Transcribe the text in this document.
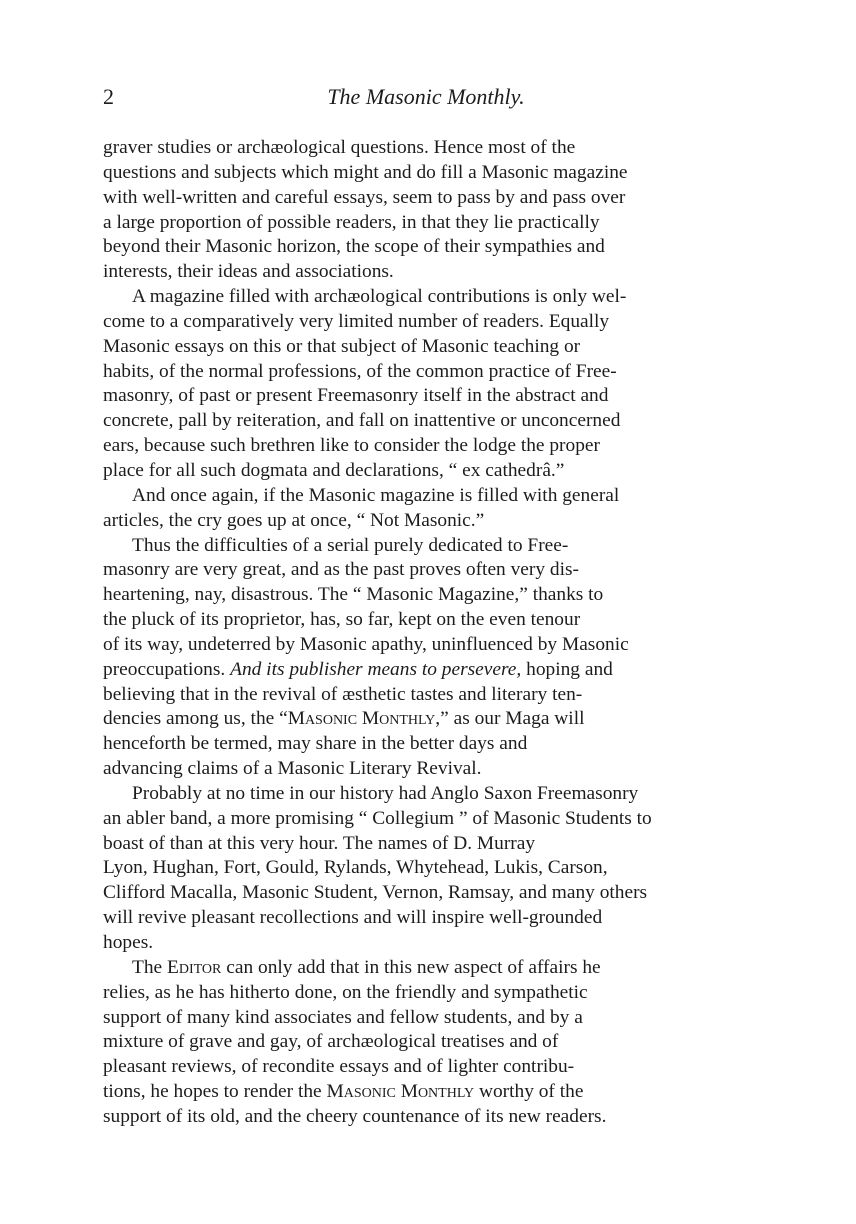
2	The Masonic Monthly.

graver studies or archæological questions. Hence most of the
questions and subjects which might and do fill a Masonic magazine
with well-written and careful essays, seem to pass by and pass over
a large proportion of possible readers, in that they lie practically
beyond their Masonic horizon, the scope of their sympathies and
interests, their ideas and associations.

A magazine filled with archæological contributions is only wel-
come to a comparatively very limited number of readers. Equally
Masonic essays on this or that subject of Masonic teaching or
habits, of the normal professions, of the common practice of Free-
masonry, of past or present Freemasonry itself in the abstract and
concrete, pall by reiteration, and fall on inattentive or unconcerned
ears, because such brethren like to consider the lodge the proper
place for all such dogmata and declarations, “ ex cathedrâ.”

And once again, if the Masonic magazine is filled with general
articles, the cry goes up at once, “ Not Masonic.”

Thus the difficulties of a serial purely dedicated to Free-
masonry are very great, and as the past proves often very dis-
heartening, nay, disastrous. The “ Masonic Magazine,” thanks to
the pluck of its proprietor, has, so far, kept on the even tenour
of its way, undeterred by Masonic apathy, uninfluenced by Masonic
preoccupations. And its publisher means to persevere, hoping and
believing that in the revival of æsthetic tastes and literary ten-
dencies among us, the “Masonic Monthly,” as our Maga will
henceforth be termed, may share in the better days and
advancing claims of a Masonic Literary Revival.

Probably at no time in our history had Anglo Saxon Freemasonry
an abler band, a more promising “ Collegium ” of Masonic Students to
boast of than at this very hour. The names of D. Murray
Lyon, Hughan, Fort, Gould, Rylands, Whytehead, Lukis, Carson,
Clifford Macalla, Masonic Student, Vernon, Ramsay, and many others
will revive pleasant recollections and will inspire well-grounded
hopes.

The Editor can only add that in this new aspect of affairs he
relies, as he has hitherto done, on the friendly and sympathetic
support of many kind associates and fellow students, and by a
mixture of grave and gay, of archæological treatises and of
pleasant reviews, of recondite essays and of lighter contribu-
tions, he hopes to render the Masonic Monthly worthy of the
support of its old, and the cheery countenance of its new readers.
